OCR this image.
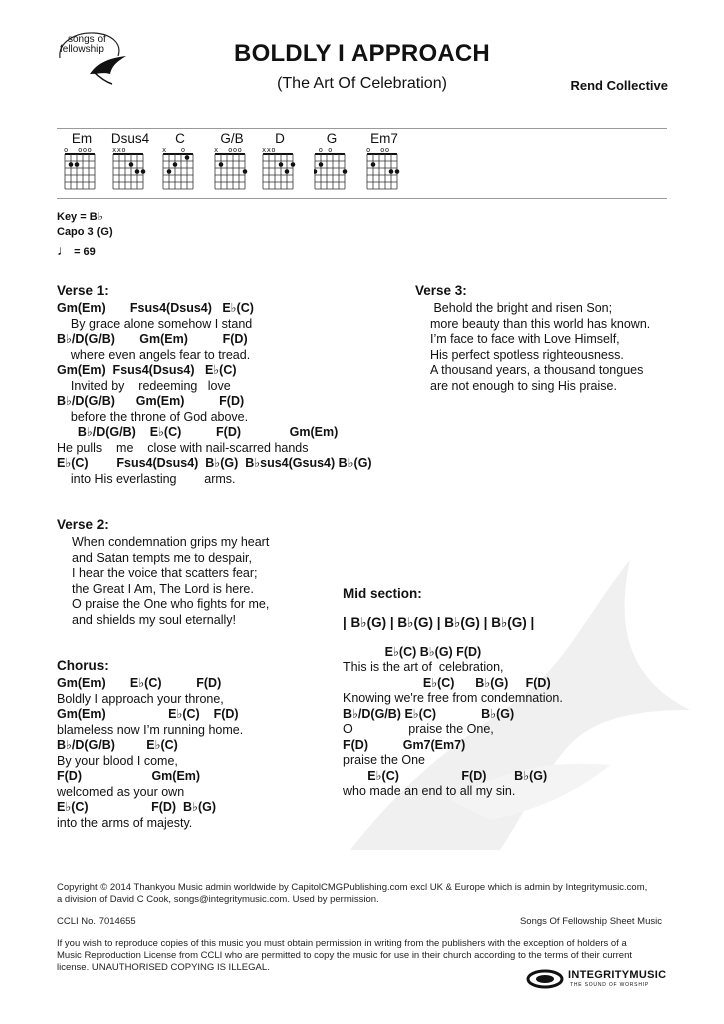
songs of
fellowship	BOLDLY I APPROACH
(The Art Of Celebration)	Rend Collective
Em
o  ooo
Dsus4
xxo
C
x   o
G/B
x  ooo
D
xxo
G
o o
Em7
o  oo
Key = B♭
Capo 3 (G)
♩ = 69
Verse 1:
Gm(Em)       Fsus4(Dsus4)   E♭(C)
By grace alone somehow I stand
B♭/D(G/B)       Gm(Em)          F(D)
where even angels fear to tread.
Gm(Em)  Fsus4(Dsus4)   E♭(C)
Invited by    redeeming   love
B♭/D(G/B)      Gm(Em)          F(D)
before the throne of God above.
B♭/D(G/B)    E♭(C)          F(D)              Gm(Em)
He pulls    me    close with nail-scarred hands
E♭(C)        Fsus4(Dsus4)  B♭(G)  B♭sus4(Gsus4) B♭(G)
into His everlasting        arms.
Verse 2:
When condemnation grips my heart
and Satan tempts me to despair,
I hear the voice that scatters fear;
the Great I Am, The Lord is here.
O praise the One who fights for me,
and shields my soul eternally!
Chorus:
Gm(Em)       E♭(C)          F(D)
Boldly I approach your throne,
Gm(Em)                  E♭(C)    F(D)
blameless now I’m running home.
B♭/D(G/B)         E♭(C)
By your blood I come,
F(D)                    Gm(Em)
welcomed as your own
E♭(C)                  F(D)  B♭(G)
into the arms of majesty.
Verse 3:
Behold the bright and risen Son;
more beauty than this world has known.
I’m face to face with Love Himself,
His perfect spotless righteousness.
A thousand years, a thousand tongues
are not enough to sing His praise.
Mid section:
| B♭(G) | B♭(G) | B♭(G) | B♭(G) |
E♭(C) B♭(G) F(D)
This is the art of  celebration,
E♭(C)      B♭(G)     F(D)
Knowing we're free from condemnation.
B♭/D(G/B) E♭(C)             B♭(G)
O                praise the One,
F(D)          Gm7(Em7)
praise the One
E♭(C)                  F(D)        B♭(G)
who made an end to all my sin.
Copyright © 2014 Thankyou Music admin worldwide by CapitolCMGPublishing.com excl UK & Europe which is admin by Integritymusic.com,
a division of David C Cook, songs@integritymusic.com. Used by permission.
CCLI No. 7014655	Songs Of Fellowship Sheet Music
If you wish to reproduce copies of this music you must obtain permission in writing from the publishers with the exception of holders of a
Music Reproduction License from CCLI who are permitted to copy the music for use in their church according to the terms of their current
license. UNAUTHORISED COPYING IS ILLEGAL.
INTEGRITYMUSIC
THE SOUND OF WORSHIP
